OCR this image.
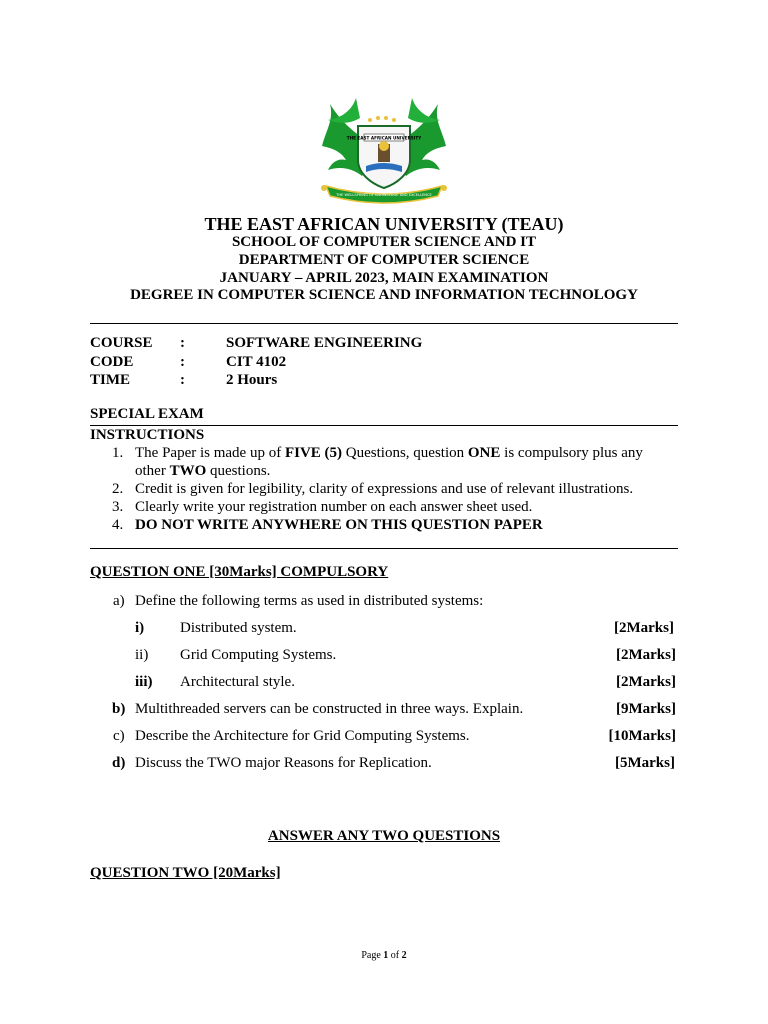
THE EAST AFRICAN UNIVERSITY
THE WELLSPRING OF KNOWLEDGE AND EXCELLENCE
THE EAST AFRICAN UNIVERSITY (TEAU)
SCHOOL OF COMPUTER SCIENCE AND IT
DEPARTMENT OF COMPUTER SCIENCE
JANUARY – APRIL 2023, MAIN EXAMINATION
DEGREE IN COMPUTER SCIENCE AND INFORMATION TECHNOLOGY
COURSE :	SOFTWARE ENGINEERING
CODE	:	CIT 4102
TIME	:	2 Hours
SPECIAL EXAM
INSTRUCTIONS
1. The Paper is made up of FIVE (5) Questions, question ONE is compulsory plus any
other TWO questions.
2. Credit is given for legibility, clarity of expressions and use of relevant illustrations.
3. Clearly write your registration number on each answer sheet used.
4. DO NOT WRITE ANYWHERE ON THIS QUESTION PAPER
QUESTION ONE [30Marks] COMPULSORY
a) Define the following terms as used in distributed systems:
i) Distributed system.	[2Marks]
ii) Grid Computing Systems.	[2Marks]
iii) Architectural style.	[2Marks]
b) Multithreaded servers can be constructed in three ways. Explain.	[9Marks]
c) Describe the Architecture for Grid Computing Systems.	[10Marks]
d) Discuss the TWO major Reasons for Replication.	[5Marks]
ANSWER ANY TWO QUESTIONS
QUESTION TWO [20Marks]
Page 1 of 2
